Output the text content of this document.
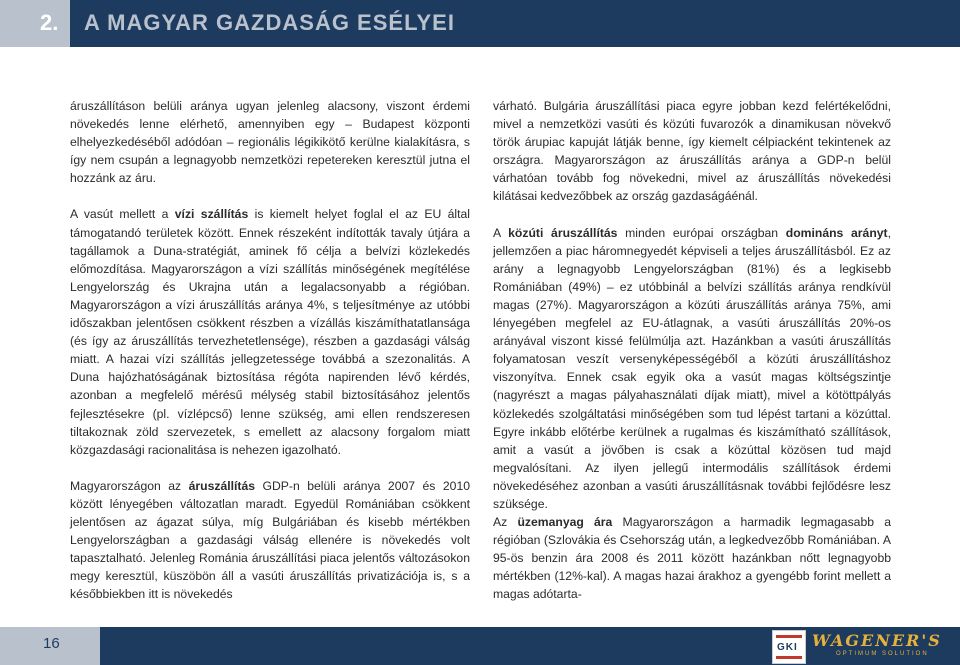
2. A MAGYAR GAZDASÁG ESÉLYEI

áruszállításon belüli aránya ugyan jelenleg alacsony, viszont érdemi növekedés lenne elérhető, amennyiben egy – Budapest központi elhelyezkedéséből adódóan – regionális légikikötő kerülne kialakításra, s így nem csupán a legnagyobb nemzetközi repetereken keresztül jutna el hozzánk az áru.

A vasút mellett a vízi szállítás is kiemelt helyet foglal el az EU által támogatandó területek között. Ennek részeként indították tavaly útjára a tagállamok a Duna-stratégiát, aminek fő célja a belvízi közlekedés előmozdítása. Magyarországon a vízi szállítás minőségének megítélése Lengyelország és Ukrajna után a legalacsonyabb a régióban. Magyarországon a vízi áruszállítás aránya 4%, s teljesítménye az utóbbi időszakban jelentősen csökkent részben a vízállás kiszámíthatatlansága (és így az áruszállítás tervezhetetlensége), részben a gazdasági válság miatt. A hazai vízi szállítás jellegzetessége továbbá a szezonalitás. A Duna hajózhatóságának biztosítása régóta napirenden lévő kérdés, azonban a megfelelő mérésű mélység stabil biztosításához jelentős fejlesztésekre (pl. vízlépcső) lenne szükség, ami ellen rendszeresen tiltakoznak zöld szervezetek, s emellett az alacsony forgalom miatt közgazdasági racionalitása is nehezen igazolható.

Magyarországon az áruszállítás GDP-n belüli aránya 2007 és 2010 között lényegében változatlan maradt. Egyedül Romániában csökkent jelentősen az ágazat súlya, míg Bulgáriában és kisebb mértékben Lengyelországban a gazdasági válság ellenére is növekedés volt tapasztalható. Jelenleg Románia áruszállítási piaca jelentős változásokon megy keresztül, küszöbön áll a vasúti áruszállítás privatizációja is, s a későbbiekben itt is növekedés

várható. Bulgária áruszállítási piaca egyre jobban kezd felértékelődni, mivel a nemzetközi vasúti és közúti fuvarozók a dinamikusan növekvő török árupiac kapuját látják benne, így kiemelt célpiacként tekintenek az országra. Magyarországon az áruszállítás aránya a GDP-n belül várhatóan tovább fog növekedni, mivel az áruszállítás növekedési kilátásai kedvezőbbek az ország gazdaságáénál.

A közúti áruszállítás minden európai országban domináns arányt, jellemzően a piac háromnegyedét képviseli a teljes áruszállításból. Ez az arány a legnagyobb Lengyelországban (81%) és a legkisebb Romániában (49%) – ez utóbbinál a belvízi szállítás aránya rendkívül magas (27%). Magyarországon a közúti áruszállítás aránya 75%, ami lényegében megfelel az EU-átlagnak, a vasúti áruszállítás 20%-os arányával viszont kissé felülmúlja azt. Hazánkban a vasúti áruszállítás folyamatosan veszít versenyképességéből a közúti áruszállításhoz viszonyítva. Ennek csak egyik oka a vasút magas költségszintje (nagyrészt a magas pályahasználati díjak miatt), mivel a kötöttpályás közlekedés szolgáltatási minőségében som tud lépést tartani a közúttal. Egyre inkább előtérbe kerülnek a rugalmas és kiszámítható szállítások, amit a vasút a jövőben is csak a közúttal közösen tud majd megvalósítani. Az ilyen jellegű intermodális szállítások érdemi növekedéséhez azonban a vasúti áruszállításnak további fejlődésre lesz szüksége.

Az üzemanyag ára Magyarországon a harmadik legmagasabb a régióban (Szlovákia és Csehország után, a legkedvezőbb Romániában. A 95-ös benzin ára 2008 és 2011 között hazánkban nőtt legnagyobb mértékben (12%-kal). A magas hazai árakhoz a gyengébb forint mellett a magas adótarta-

16	GKI WAGENER'S
OPTIMUM SOLUTION
